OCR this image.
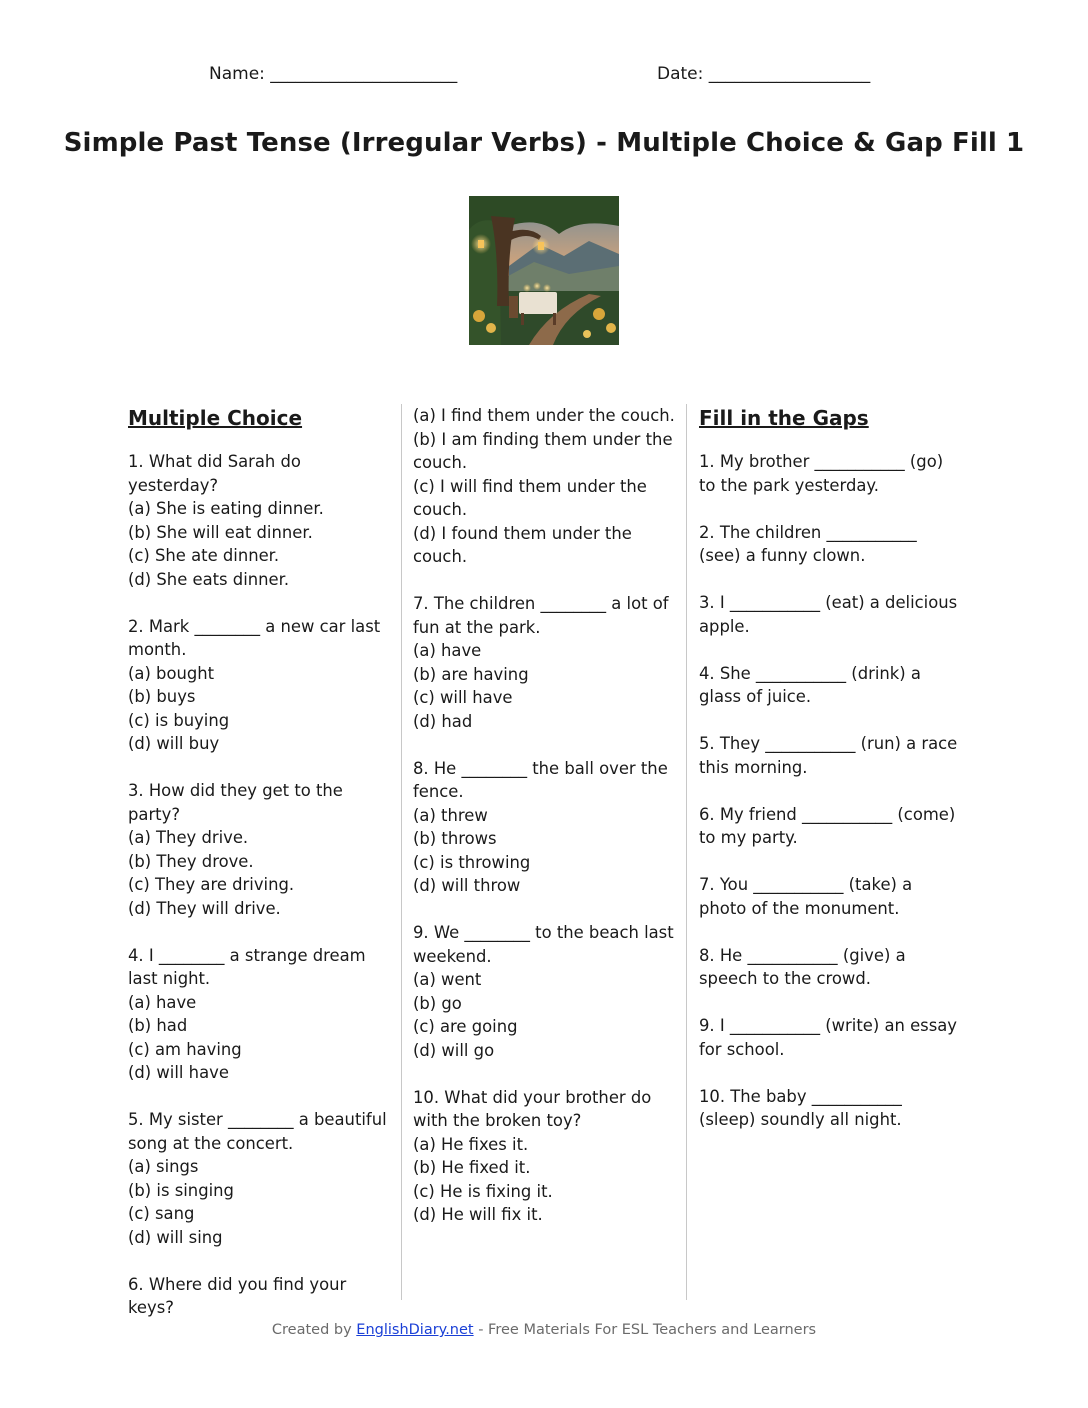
Name: ______________________	Date: ___________________
Simple Past Tense (Irregular Verbs) - Multiple Choice & Gap Fill 1
Multiple Choice
1. What did Sarah do yesterday?
(a) She is eating dinner.
(b) She will eat dinner.
(c) She ate dinner.
(d) She eats dinner.
2. Mark ________ a new car last month.
(a) bought
(b) buys
(c) is buying
(d) will buy
3. How did they get to the party?
(a) They drive.
(b) They drove.
(c) They are driving.
(d) They will drive.
4. I ________ a strange dream last night.
(a) have
(b) had
(c) am having
(d) will have
5. My sister ________ a beautiful song at the concert.
(a) sings
(b) is singing
(c) sang
(d) will sing
6. Where did you find your keys?
(a) I find them under the couch.
(b) I am finding them under the couch.
(c) I will find them under the couch.
(d) I found them under the couch.
7. The children ________ a lot of fun at the park.
(a) have
(b) are having
(c) will have
(d) had
8. He ________ the ball over the fence.
(a) threw
(b) throws
(c) is throwing
(d) will throw
9. We ________ to the beach last weekend.
(a) went
(b) go
(c) are going
(d) will go
10. What did your brother do with the broken toy?
(a) He fixes it.
(b) He fixed it.
(c) He is fixing it.
(d) He will fix it.
Fill in the Gaps
1. My brother ___________ (go) to the park yesterday.
2. The children ___________ (see) a funny clown.
3. I ___________ (eat) a delicious apple.
4. She ___________ (drink) a glass of juice.
5. They ___________ (run) a race this morning.
6. My friend ___________ (come) to my party.
7. You ___________ (take) a photo of the monument.
8. He ___________ (give) a speech to the crowd.
9. I ___________ (write) an essay for school.
10. The baby ___________ (sleep) soundly all night.
Created by EnglishDiary.net - Free Materials For ESL Teachers and Learners
